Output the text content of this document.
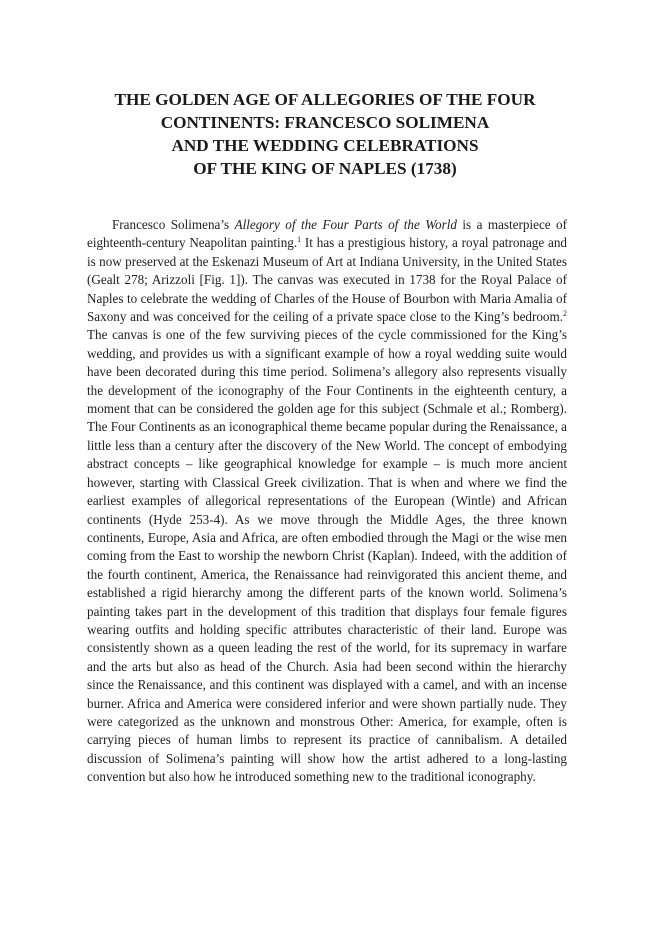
THE GOLDEN AGE OF ALLEGORIES OF THE FOUR
CONTINENTS: FRANCESCO SOLIMENA
AND THE WEDDING CELEBRATIONS
OF THE KING OF NAPLES (1738)

Francesco Solimena’s Allegory of the Four Parts of the World is a masterpiece of eighteenth-century Neapolitan painting.$^1$ It has a prestigious history, a royal patronage and is now preserved at the Eskenazi Museum of Art at Indiana University, in the United States (Gealt 278; Arizzoli [Fig. 1]). The canvas was executed in 1738 for the Royal Palace of Naples to celebrate the wedding of Charles of the House of Bourbon with Maria Amalia of Saxony and was conceived for the ceiling of a private space close to the King’s bedroom.$^2$ The canvas is one of the few surviving pieces of the cycle commissioned for the King’s wedding, and provides us with a significant example of how a royal wedding suite would have been decorated during this time period. Solimena’s allegory also represents visually the development of the iconography of the Four Continents in the eighteenth century, a moment that can be considered the golden age for this subject (Schmale et al.; Romberg). The Four Continents as an iconographical theme became popular during the Renaissance, a little less than a century after the discovery of the New World. The concept of embodying abstract concepts – like geographical knowledge for example – is much more ancient however, starting with Classical Greek civilization. That is when and where we find the earliest examples of allegorical representations of the European (Wintle) and African continents (Hyde 253-4). As we move through the Middle Ages, the three known continents, Europe, Asia and Africa, are often embodied through the Magi or the wise men coming from the East to worship the newborn Christ (Kaplan). Indeed, with the addition of the fourth continent, America, the Renaissance had reinvigorated this ancient theme, and established a rigid hierarchy among the different parts of the known world. Solimena’s painting takes part in the development of this tradition that displays four female figures wearing outfits and holding specific attributes characteristic of their land. Europe was consistently shown as a queen leading the rest of the world, for its supremacy in warfare and the arts but also as head of the Church. Asia had been second within the hierarchy since the Renaissance, and this continent was displayed with a camel, and with an incense burner. Africa and America were considered inferior and were shown partially nude. They were categorized as the unknown and monstrous Other: America, for example, often is carrying pieces of human limbs to represent its practice of cannibalism. A detailed discussion of Solimena’s painting will show how the artist adhered to a long-lasting convention but also how he introduced something new to the traditional iconography.
